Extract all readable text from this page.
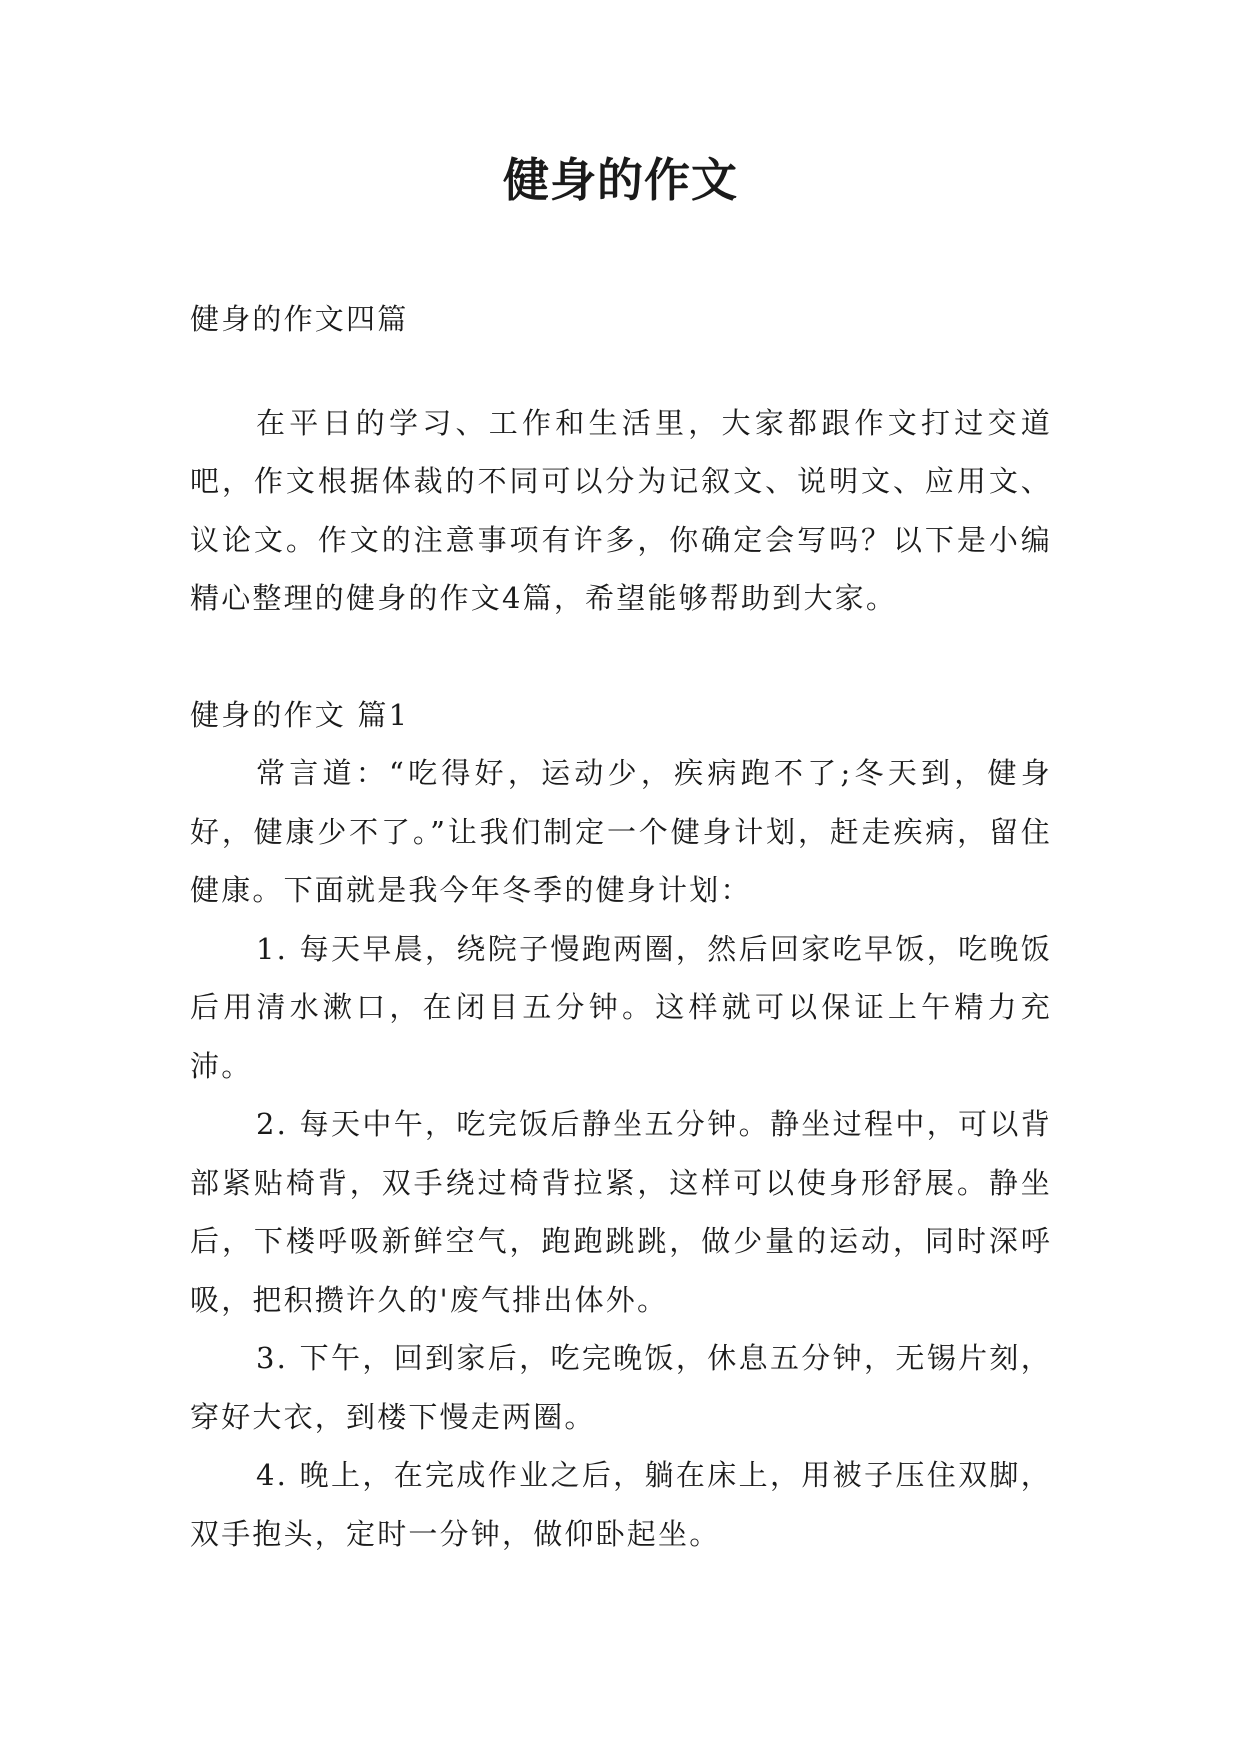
健身的作文

健身的作文四篇

在平日的学习、工作和生活里，大家都跟作文打过交道吧，作文根据体裁的不同可以分为记叙文、说明文、应用文、议论文。作文的注意事项有许多，你确定会写吗？以下是小编精心整理的健身的作文4篇，希望能够帮助到大家。

健身的作文 篇1

常言道：“吃得好，运动少，疾病跑不了;冬天到，健身好，健康少不了。”让我们制定一个健身计划，赶走疾病，留住健康。下面就是我今年冬季的健身计划：

1. 每天早晨，绕院子慢跑两圈，然后回家吃早饭，吃晚饭后用清水漱口，在闭目五分钟。这样就可以保证上午精力充沛。

2. 每天中午，吃完饭后静坐五分钟。静坐过程中，可以背部紧贴椅背，双手绕过椅背拉紧，这样可以使身形舒展。静坐后，下楼呼吸新鲜空气，跑跑跳跳，做少量的运动，同时深呼吸，把积攒许久的'废气排出体外。

3. 下午，回到家后，吃完晚饭，休息五分钟，无锡片刻，穿好大衣，到楼下慢走两圈。

4. 晚上，在完成作业之后，躺在床上，用被子压住双脚，双手抱头，定时一分钟，做仰卧起坐。
